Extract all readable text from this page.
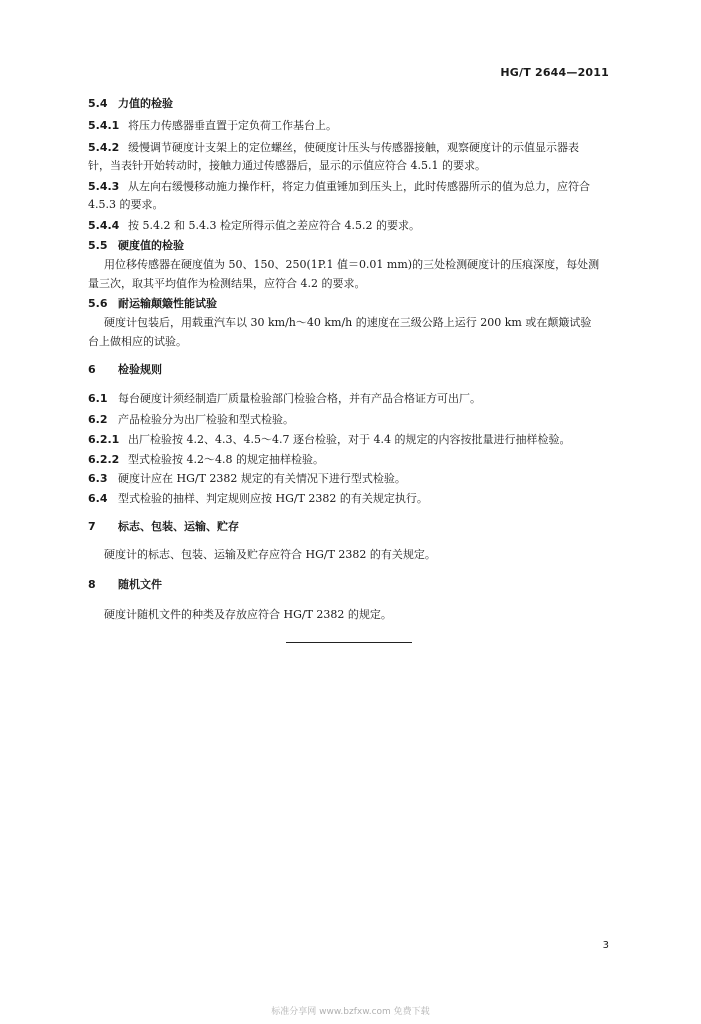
HG/T 2644—2011
5.4 力值的检验
5.4.1 将压力传感器垂直置于定负荷工作基台上。
5.4.2 缓慢调节硬度计支架上的定位螺丝，使硬度计压头与传感器接触，观察硬度计的示值显示器表
针，当表针开始转动时，接触力通过传感器后，显示的示值应符合 4.5.1 的要求。
5.4.3 从左向右缓慢移动施力操作杆，将定力值重锤加到压头上，此时传感器所示的值为总力，应符合
4.5.3 的要求。
5.4.4 按 5.4.2 和 5.4.3 检定所得示值之差应符合 4.5.2 的要求。
5.5 硬度值的检验
用位移传感器在硬度值为 50、150、250(1P.1 值＝0.01 mm)的三处检测硬度计的压痕深度，每处测
量三次，取其平均值作为检测结果，应符合 4.2 的要求。
5.6 耐运输颠簸性能试验
硬度计包装后，用载重汽车以 30 km/h～40 km/h 的速度在三级公路上运行 200 km 或在颠簸试验
台上做相应的试验。
6 检验规则
6.1 每台硬度计须经制造厂质量检验部门检验合格，并有产品合格证方可出厂。
6.2 产品检验分为出厂检验和型式检验。
6.2.1 出厂检验按 4.2、4.3、4.5～4.7 逐台检验，对于 4.4 的规定的内容按批量进行抽样检验。
6.2.2 型式检验按 4.2～4.8 的规定抽样检验。
6.3 硬度计应在 HG/T 2382 规定的有关情况下进行型式检验。
6.4 型式检验的抽样、判定规则应按 HG/T 2382 的有关规定执行。
7 标志、包装、运输、贮存
硬度计的标志、包装、运输及贮存应符合 HG/T 2382 的有关规定。
8 随机文件
硬度计随机文件的种类及存放应符合 HG/T 2382 的规定。
3
标准分享网 www.bzfxw.com 免费下载
